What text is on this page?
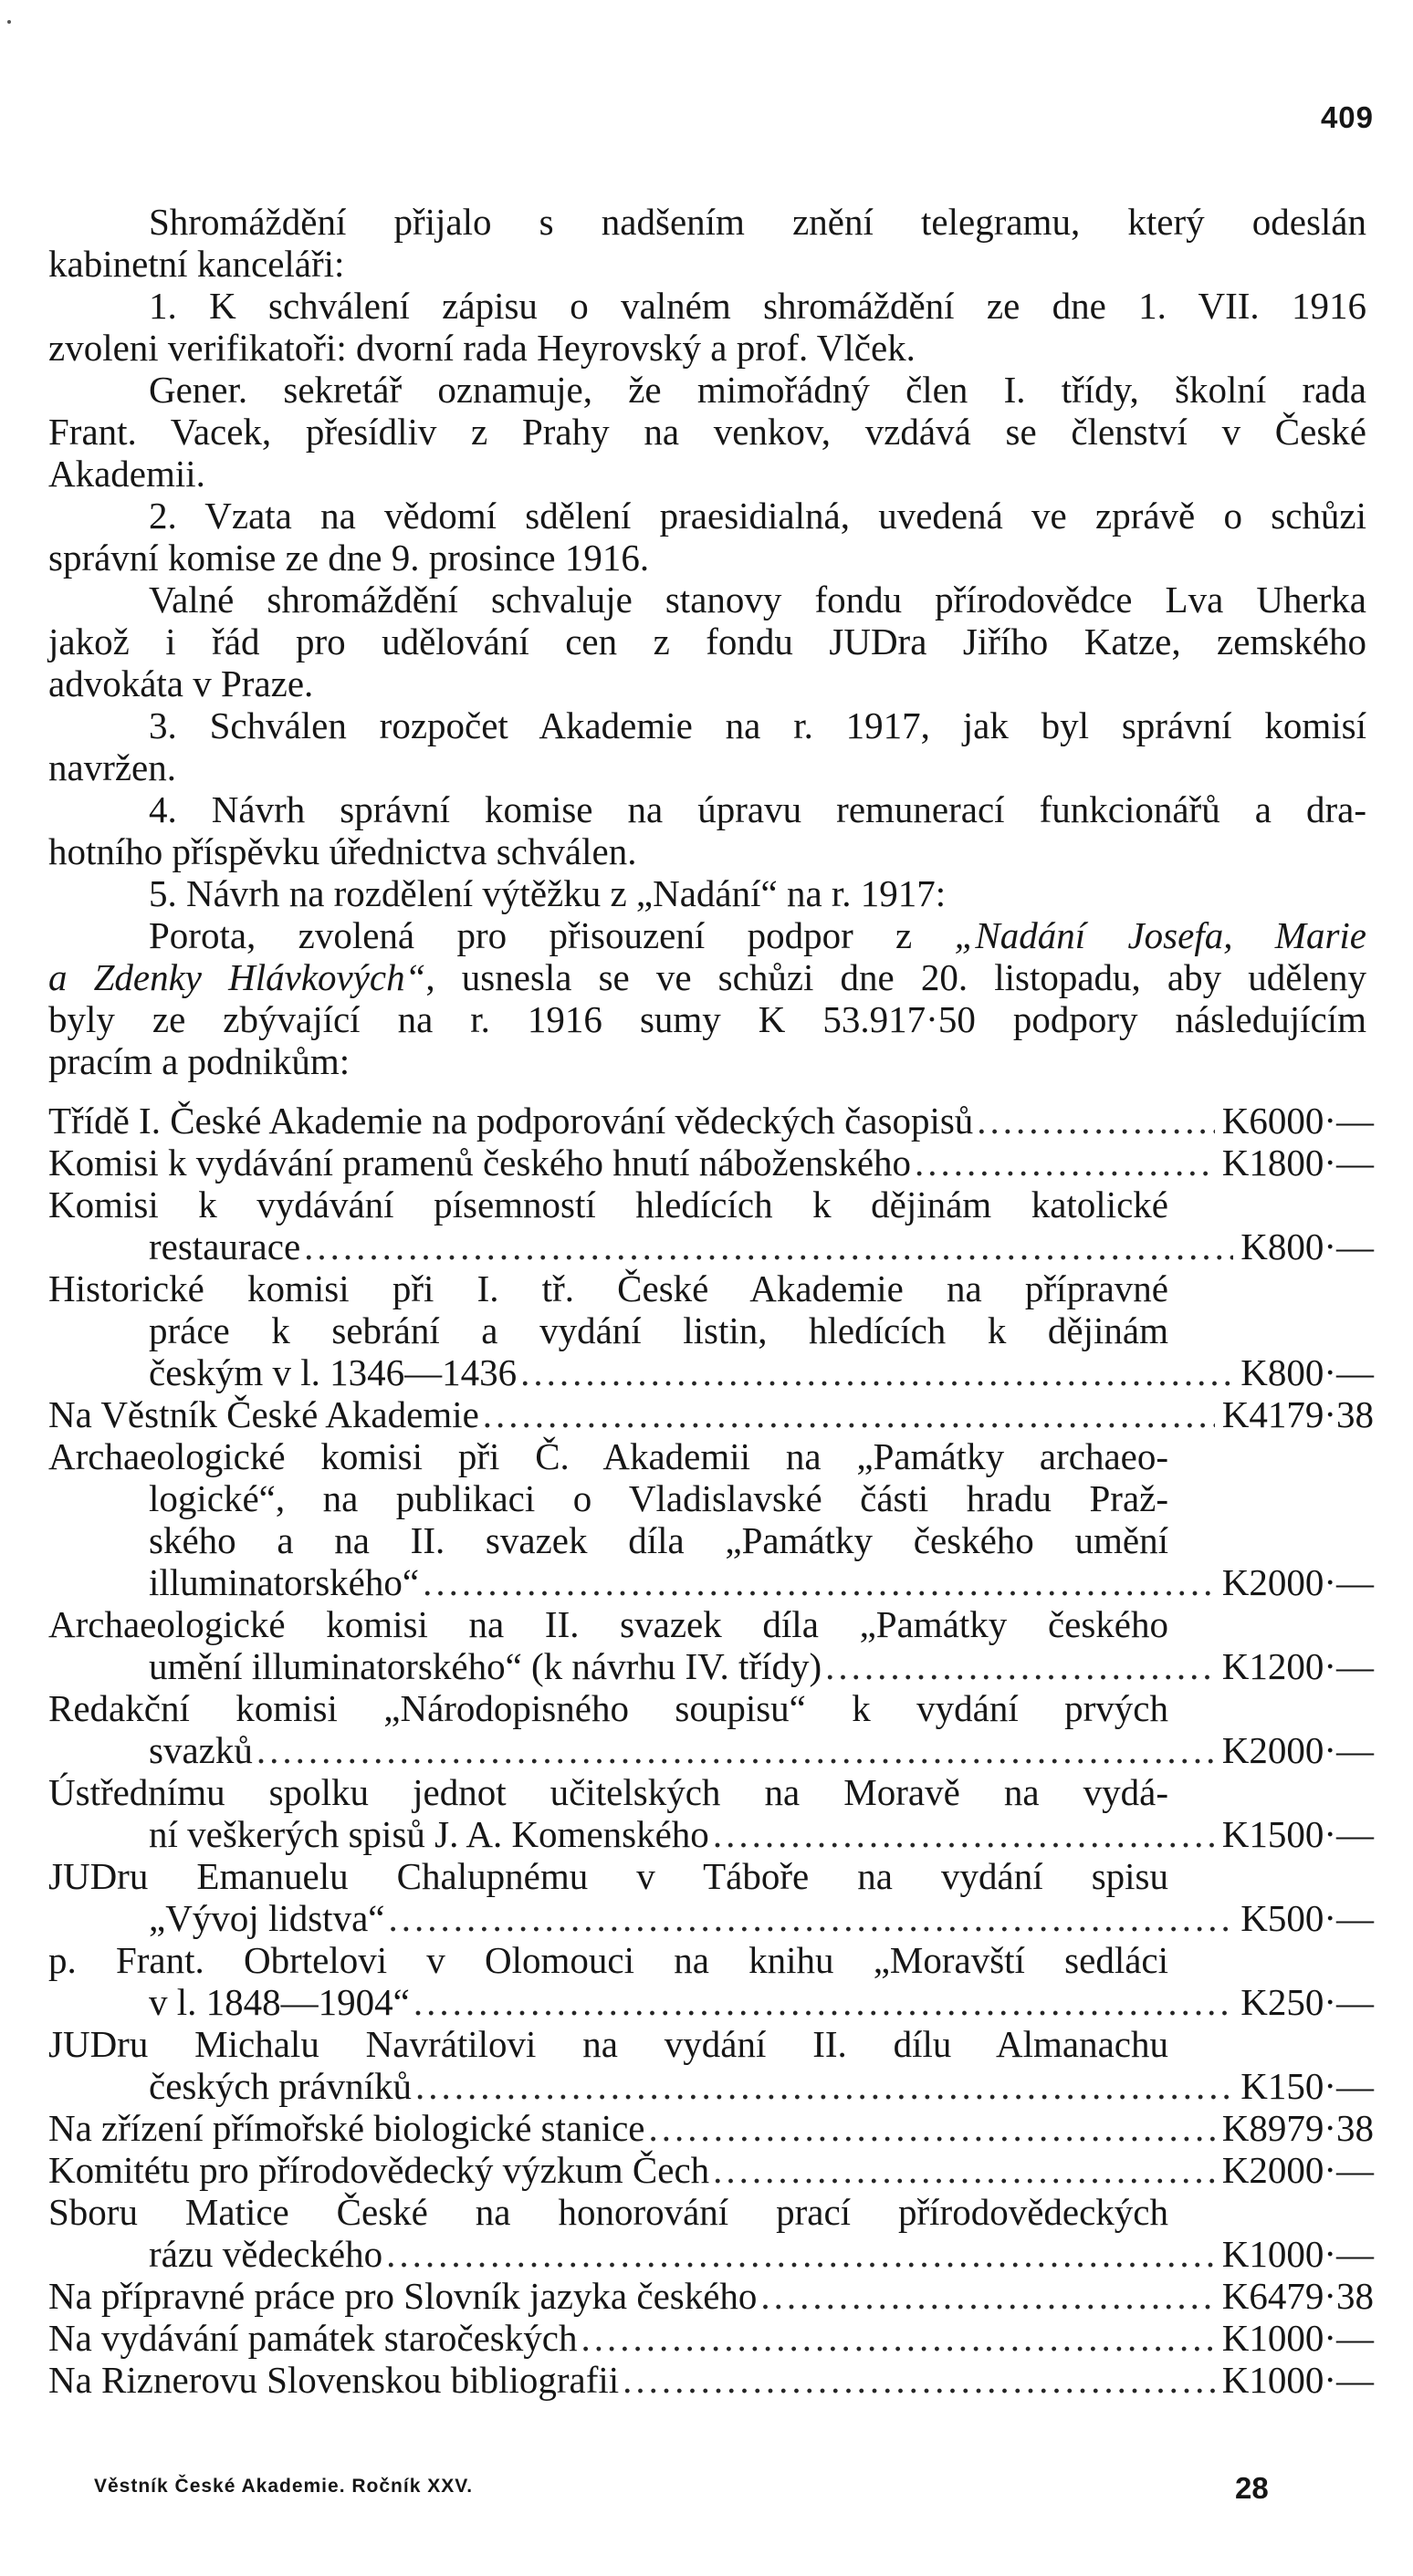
409

Shromáždění přijalo s nadšením znění telegramu, který odeslán

kabinetní kanceláři:

1. K schválení zápisu o valném shromáždění ze dne 1. VII. 1916

zvoleni verifikatoři: dvorní rada Heyrovský a prof. Vlček.

Gener. sekretář oznamuje, že mimořádný člen I. třídy, školní rada

Frant. Vacek, přesídliv z Prahy na venkov, vzdává se členství v České

Akademii.

2. Vzata na vědomí sdělení praesidialná, uvedená ve zprávě o schůzi

správní komise ze dne 9. prosince 1916.

Valné shromáždění schvaluje stanovy fondu přírodovědce Lva Uherka

jakož i řád pro udělování cen z fondu JUDra Jiřího Katze, zemského

advokáta v Praze.

3. Schválen rozpočet Akademie na r. 1917, jak byl správní komisí

navržen.

4. Návrh správní komise na úpravu remunerací funkcionářů a dra-

hotního příspěvku úřednictva schválen.

5. Návrh na rozdělení výtěžku z „Nadání“ na r. 1917:

Porota, zvolená pro přisouzení podpor z „Nadání Josefa, Marie

a Zdenky Hlávkových“, usnesla se ve schůzi dne 20. listopadu, aby uděleny

byly ze zbývající na r. 1916 sumy K 53.917·50 podpory následujícím

pracím a podnikům:

Třídě I. České Akademie na podporování vědeckých časopisů .....	K 6000·—
Komisi k vydávání pramenů českého hnutí náboženského .....	K 1800·—
Komisi k vydávání písemností hledících k dějinám katolické
restaurace .....	K 800·—
Historické komisi při I. tř. České Akademie na přípravné
práce k sebrání a vydání listin, hledících k dějinám
českým v l. 1346—1436 .....	K 800·—
Na Věstník České Akademie .....	K 4179·38
Archaeologické komisi při Č. Akademii na „Památky archaeo-
logické“, na publikaci o Vladislavské části hradu Praž-
ského a na II. svazek díla „Památky českého umění
illuminatorského“ .....	K 2000·—
Archaeologické komisi na II. svazek díla „Památky českého
umění illuminatorského“ (k návrhu IV. třídy) .....	K 1200·—
Redakční komisi „Národopisného soupisu“ k vydání prvých
svazků .....	K 2000·—
Ústřednímu spolku jednot učitelských na Moravě na vydá-
ní veškerých spisů J. A. Komenského .....	K 1500·—
JUDru Emanuelu Chalupnému v Táboře na vydání spisu
„Vývoj lidstva“ .....	K 500·—
p. Frant. Obrtelovi v Olomouci na knihu „Moravští sedláci
v l. 1848—1904“ .....	K 250·—
JUDru Michalu Navrátilovi na vydání II. dílu Almanachu
českých právníků .....	K 150·—
Na zřízení přímořské biologické stanice .....	K 8979·38
Komitétu pro přírodovědecký výzkum Čech .....	K 2000·—
Sboru Matice České na honorování prací přírodovědeckých
rázu vědeckého .....	K 1000·—
Na přípravné práce pro Slovník jazyka českého .....	K 6479·38
Na vydávání památek staročeských .....	K 1000·—
Na Riznerovu Slovenskou bibliografii .....	K 1000·—
Věstník České Akademie. Ročník XXV.	28
